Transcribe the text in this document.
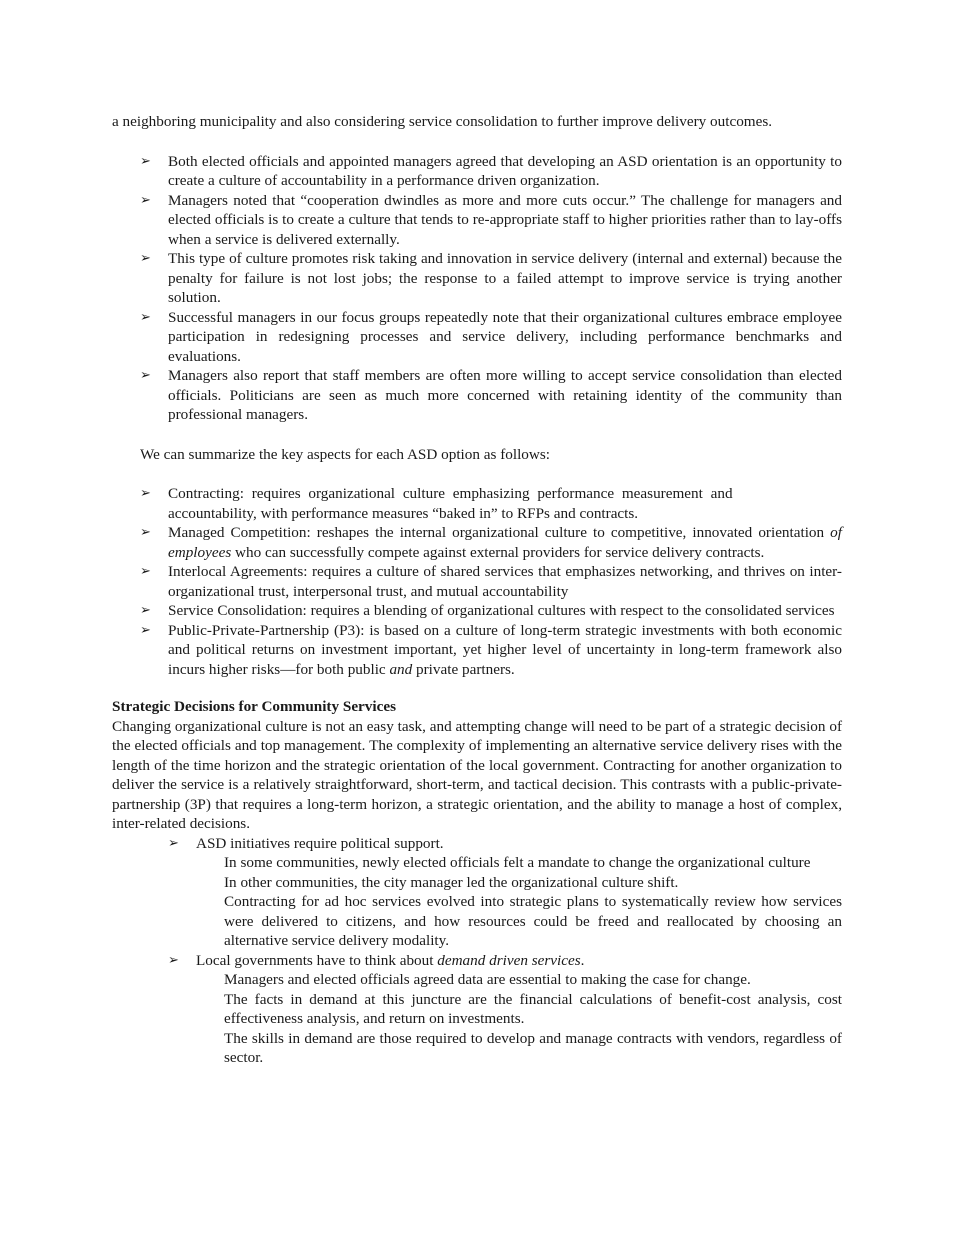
a neighboring municipality and also considering service consolidation to further improve delivery outcomes.

➢	Both elected officials and appointed managers agreed that developing an ASD orientation is an opportunity to create a culture of accountability in a performance driven organization.
➢	Managers noted that “cooperation dwindles as more and more cuts occur.” The challenge for managers and elected officials is to create a culture that tends to re-appropriate staff to higher priorities rather than to lay-offs when a service is delivered externally.
➢	This type of culture promotes risk taking and innovation in service delivery (internal and external) because the penalty for failure is not lost jobs; the response to a failed attempt to improve service is trying another solution.
➢	Successful managers in our focus groups repeatedly note that their organizational cultures embrace employee participation in redesigning processes and service delivery, including performance benchmarks and evaluations.
➢	Managers also report that staff members are often more willing to accept service consolidation than elected officials. Politicians are seen as much more concerned with retaining identity of the community than professional managers.

We can summarize the key aspects for each ASD option as follows:

➢	Contracting: requires organizational culture emphasizing performance measurement and
accountability, with performance measures “baked in” to RFPs and contracts.
➢	Managed Competition: reshapes the internal organizational culture to competitive, innovated orientation of employees who can successfully compete against external providers for service delivery contracts.
➢	Interlocal Agreements: requires a culture of shared services that emphasizes networking, and thrives on inter-organizational trust, interpersonal trust, and mutual accountability
➢	Service Consolidation: requires a blending of organizational cultures with respect to the consolidated services
➢	Public-Private-Partnership (P3): is based on a culture of long-term strategic investments with both economic and political returns on investment important, yet higher level of uncertainty in long-term framework also incurs higher risks—for both public and private partners.

Strategic Decisions for Community Services

Changing organizational culture is not an easy task, and attempting change will need to be part of a strategic decision of the elected officials and top management. The complexity of implementing an alternative service delivery rises with the length of the time horizon and the strategic orientation of the local government. Contracting for another organization to deliver the service is a relatively straightforward, short-term, and tactical decision. This contrasts with a public-private-partnership (3P) that requires a long-term horizon, a strategic orientation, and the ability to manage a host of complex, inter-related decisions.

➢	ASD initiatives require political support.
In some communities, newly elected officials felt a mandate to change the organizational culture
In other communities, the city manager led the organizational culture shift.
Contracting for ad hoc services evolved into strategic plans to systematically review how services were delivered to citizens, and how resources could be freed and reallocated by choosing an alternative service delivery modality.
➢	Local governments have to think about demand driven services.
Managers and elected officials agreed data are essential to making the case for change.
The facts in demand at this juncture are the financial calculations of benefit-cost analysis, cost effectiveness analysis, and return on investments.
The skills in demand are those required to develop and manage contracts with vendors, regardless of sector.
